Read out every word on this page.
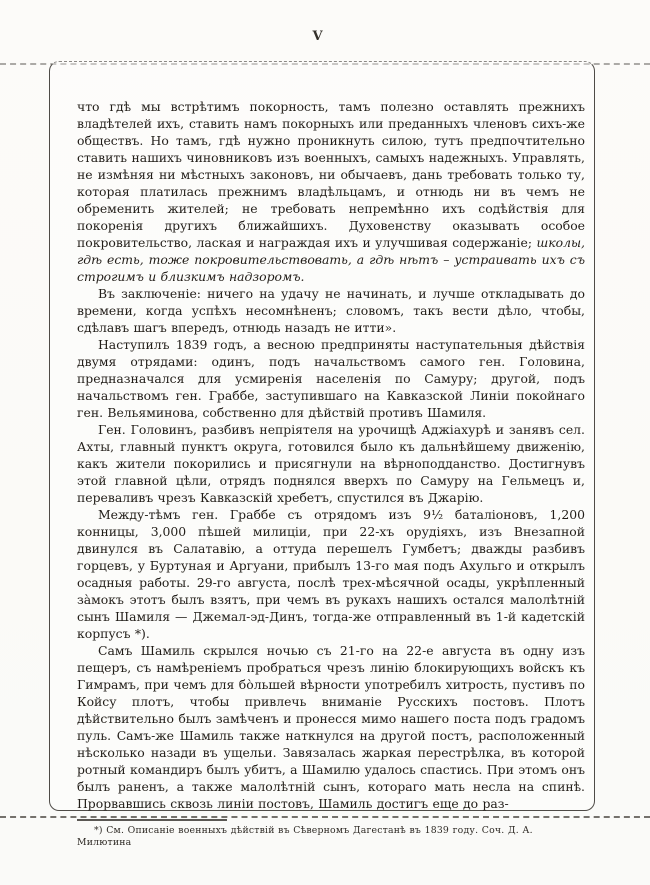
V

что гдѣ мы встрѣтимъ покорность, тамъ полезно оставлять прежнихъ владѣтелей ихъ, ставить намъ покорныхъ или преданныхъ членовъ сихъ-же обществъ. Но тамъ, гдѣ нужно проникнуть силою, тутъ предпочтительно ставить нашихъ чиновниковъ изъ военныхъ, самыхъ надежныхъ. Управлять, не измѣняя ни мѣстныхъ законовъ, ни обычаевъ, дань требовать только ту, которая платилась прежнимъ владѣльцамъ, и отнюдь ни въ чемъ не обременить жителей; не требовать непремѣнно ихъ содѣйствія для покоренія другихъ ближайшихъ. Духовенству оказывать особое покровительство, лаская и награждая ихъ и улучшивая содержаніе; школы, гдѣ есть, тоже покровительствовать, а гдѣ нѣтъ – устраивать ихъ съ строгимъ и близкимъ надзоромъ.

Въ заключеніе: ничего на удачу не начинать, и лучше откладывать до времени, когда успѣхъ несомнѣненъ; словомъ, такъ вести дѣло, чтобы, сдѣлавъ шагъ впередъ, отнюдь назадъ не итти».

Наступилъ 1839 годъ, а весною предприняты наступательныя дѣйствія двумя отрядами: одинъ, подъ начальствомъ самого ген. Головина, предназначался для усмиренія населенія по Самуру; другой, подъ начальствомъ ген. Граббе, заступившаго на Кавказской Линіи покойнаго ген. Вельяминова, собственно для дѣйствій противъ Шамиля.

Ген. Головинъ, разбивъ непріятеля на урочищѣ Аджіахурѣ и занявъ сел. Ахты, главный пунктъ округа, готовился было къ дальнѣйшему движенію, какъ жители покорились и присягнули на вѣрноподданство. Достигнувъ этой главной цѣли, отрядъ поднялся вверхъ по Самуру на Гельмецъ и, переваливъ чрезъ Кавказскій хребетъ, спустился въ Джарію.

Между-тѣмъ ген. Граббе съ отрядомъ изъ 9½ баталіоновъ, 1,200 конницы, 3,000 пѣшей милиціи, при 22-хъ орудіяхъ, изъ Внезапной двинулся въ Салатавію, а оттуда перешелъ Гумбетъ; дважды разбивъ горцевъ, у Буртуная и Аргуани, прибылъ 13-го мая подъ Ахульго и открылъ осадныя работы. 29-го августа, послѣ трех-мѣсячной осады, укрѣпленный за̀мокъ этотъ былъ взятъ, при чемъ въ рукахъ нашихъ остался малолѣтній сынъ Шамиля — Джемал-эд-Динъ, тогда-же отправленный въ 1-й кадетскій корпусъ *).

Самъ Шамиль скрылся ночью съ 21-го на 22-е августа въ одну изъ пещеръ, съ намѣреніемъ пробраться чрезъ линію блокирующихъ войскъ къ Гимрамъ, при чемъ для бо̀льшей вѣрности употребилъ хитрость, пустивъ по Койсу плотъ, чтобы привлечь вниманіе Русскихъ постовъ. Плотъ дѣйствительно былъ замѣченъ и пронесся мимо нашего поста подъ градомъ пуль. Самъ-же Шамиль также наткнулся на другой постъ, расположенный нѣсколько назади въ ущельи. Завязалась жаркая перестрѣлка, въ которой ротный командиръ былъ убитъ, а Шамилю удалось спастись. При этомъ онъ былъ раненъ, а также малолѣтній сынъ, котораго мать несла на спинѣ. Прорвавшись сквозь линіи постовъ, Шамиль достигъ еще до раз-

*) См. Описаніе военныхъ дѣйствій въ Сѣверномъ Дагестанѣ въ 1839 году. Соч. Д. А. Милютина
